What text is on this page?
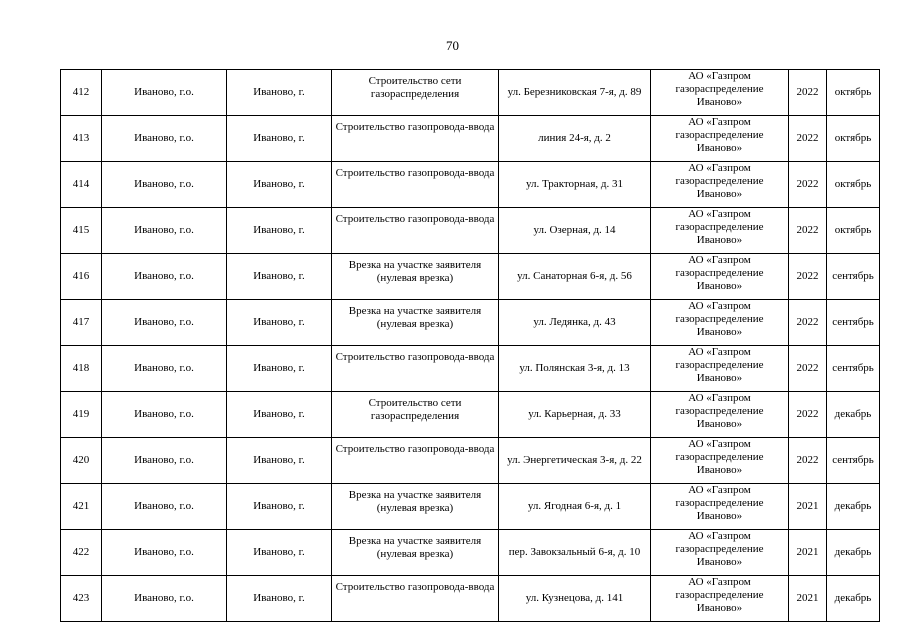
70
412	Иваново, г.о.	Иваново, г.	Строительство сети газораспределения	ул. Березниковская 7-я, д. 89	АО «Газпром газораспределение Иваново»	2022	октябрь
413	Иваново, г.о.	Иваново, г.	Строительство газопровода-ввода	линия 24-я, д. 2	АО «Газпром газораспределение Иваново»	2022	октябрь
414	Иваново, г.о.	Иваново, г.	Строительство газопровода-ввода	ул. Тракторная, д. 31	АО «Газпром газораспределение Иваново»	2022	октябрь
415	Иваново, г.о.	Иваново, г.	Строительство газопровода-ввода	ул. Озерная, д. 14	АО «Газпром газораспределение Иваново»	2022	октябрь
416	Иваново, г.о.	Иваново, г.	Врезка на участке заявителя (нулевая врезка)	ул. Санаторная 6-я, д. 56	АО «Газпром газораспределение Иваново»	2022	сентябрь
417	Иваново, г.о.	Иваново, г.	Врезка на участке заявителя (нулевая врезка)	ул. Ледянка, д. 43	АО «Газпром газораспределение Иваново»	2022	сентябрь
418	Иваново, г.о.	Иваново, г.	Строительство газопровода-ввода	ул. Полянская 3-я, д. 13	АО «Газпром газораспределение Иваново»	2022	сентябрь
419	Иваново, г.о.	Иваново, г.	Строительство сети газораспределения	ул. Карьерная, д. 33	АО «Газпром газораспределение Иваново»	2022	декабрь
420	Иваново, г.о.	Иваново, г.	Строительство газопровода-ввода	ул. Энергетическая 3-я, д. 22	АО «Газпром газораспределение Иваново»	2022	сентябрь
421	Иваново, г.о.	Иваново, г.	Врезка на участке заявителя (нулевая врезка)	ул. Ягодная 6-я, д. 1	АО «Газпром газораспределение Иваново»	2021	декабрь
422	Иваново, г.о.	Иваново, г.	Врезка на участке заявителя (нулевая врезка)	пер. Завокзальный 6-я, д. 10	АО «Газпром газораспределение Иваново»	2021	декабрь
423	Иваново, г.о.	Иваново, г.	Строительство газопровода-ввода	ул. Кузнецова, д. 141	АО «Газпром газораспределение Иваново»	2021	декабрь
